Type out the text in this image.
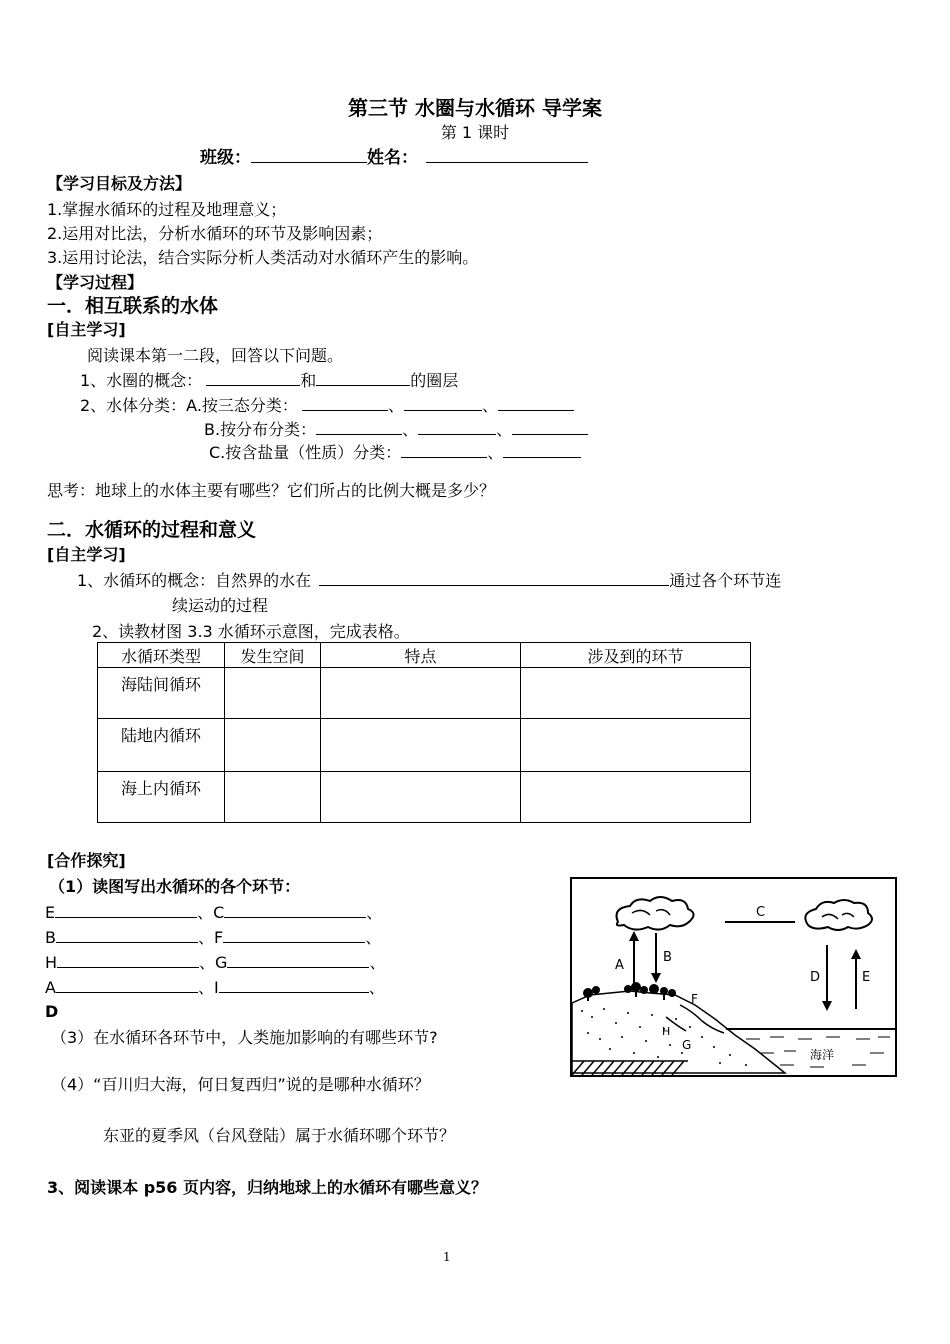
第三节 水圈与水循环 导学案
第 1 课时
班级：	姓名：
【学习目标及方法】
1.掌握水循环的过程及地理意义；
2.运用对比法，分析水循环的环节及影响因素；
3.运用讨论法，结合实际分析人类活动对水循环产生的影响。
【学习过程】
一．相互联系的水体
[自主学习]
阅读课本第一二段，回答以下问题。
1、水圈的概念：	和	的圈层
2、水体分类：A.按三态分类：	、	、
B.按分布分类：	、	、
C.按含盐量（性质）分类：	、
思考：地球上的水体主要有哪些？它们所占的比例大概是多少？
二．水循环的过程和意义
[自主学习]
1、水循环的概念：自然界的水在	通过各个环节连
续运动的过程
2、读教材图 3.3 水循环示意图，完成表格。
水循环类型	发生空间	特点	涉及到的环节
海陆间循环			
陆地内循环			
海上内循环			
[合作探究]
（1）读图写出水循环的各个环节：
E	、C	、
B	、F	、
H	、G	、
A	、I	、
D
（3）在水循环各环节中，人类施加影响的有哪些环节?
（4）“百川归大海，何日复西归”说的是哪种水循环？
东亚的夏季风（台风登陆）属于水循环哪个环节？
3、阅读课本 p56 页内容，归纳地球上的水循环有哪些意义？
C
A
B
D	E
F
H
G
海洋
1
